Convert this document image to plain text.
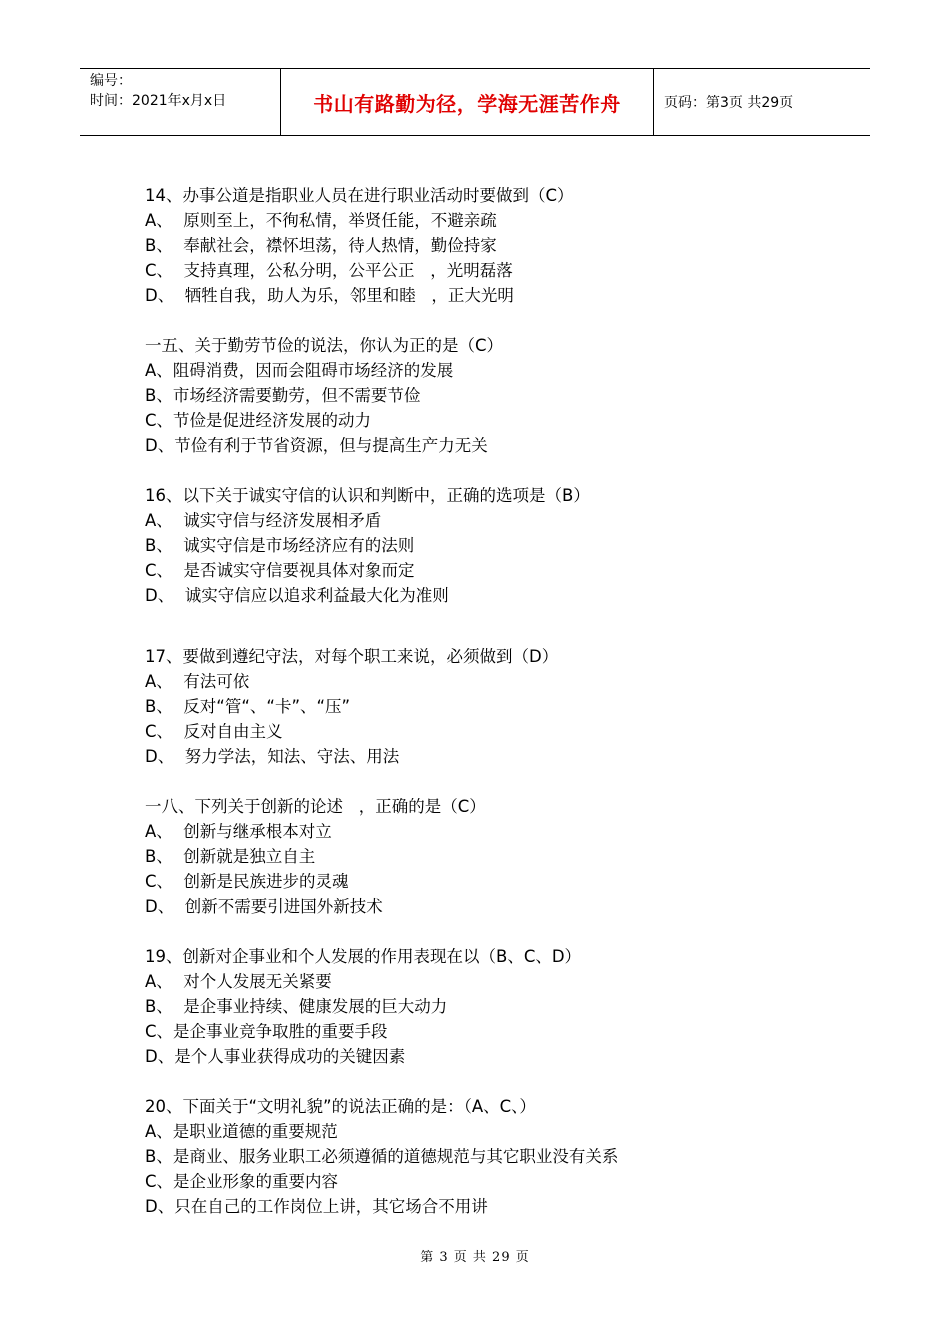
编号：
时间：2021年x月x日	书山有路勤为径，学海无涯苦作舟	页码：第3页 共29页
14、办事公道是指职业人员在进行职业活动时要做到（C）
A、  原则至上，不徇私情，举贤任能，不避亲疏
B、  奉献社会，襟怀坦荡，待人热情，勤俭持家
C、  支持真理，公私分明，公平公正   ，光明磊落
D、  牺牲自我，助人为乐，邻里和睦   ，正大光明
一五、关于勤劳节俭的说法，你认为正的是（C）
A、阻碍消费，因而会阻碍市场经济的发展
B、市场经济需要勤劳，但不需要节俭
C、节俭是促进经济发展的动力
D、节俭有利于节省资源，但与提高生产力无关
16、以下关于诚实守信的认识和判断中，正确的选项是（B）
A、  诚实守信与经济发展相矛盾
B、  诚实守信是市场经济应有的法则
C、  是否诚实守信要视具体对象而定
D、  诚实守信应以追求利益最大化为准则
17、要做到遵纪守法，对每个职工来说，必须做到（D）
A、  有法可依
B、  反对“管“、“卡”、“压”
C、  反对自由主义
D、  努力学法，知法、守法、用法
一八、下列关于创新的论述   ，正确的是（C）
A、  创新与继承根本对立
B、  创新就是独立自主
C、  创新是民族进步的灵魂
D、  创新不需要引进国外新技术
19、创新对企事业和个人发展的作用表现在以（B、C、D）
A、  对个人发展无关紧要
B、  是企事业持续、健康发展的巨大动力
C、是企事业竞争取胜的重要手段
D、是个人事业获得成功的关键因素
20、下面关于“文明礼貌”的说法正确的是：（A、C、）
A、是职业道德的重要规范
B、是商业、服务业职工必须遵循的道德规范与其它职业没有关系
C、是企业形象的重要内容
D、只在自己的工作岗位上讲，其它场合不用讲
第 3 页 共 29 页
